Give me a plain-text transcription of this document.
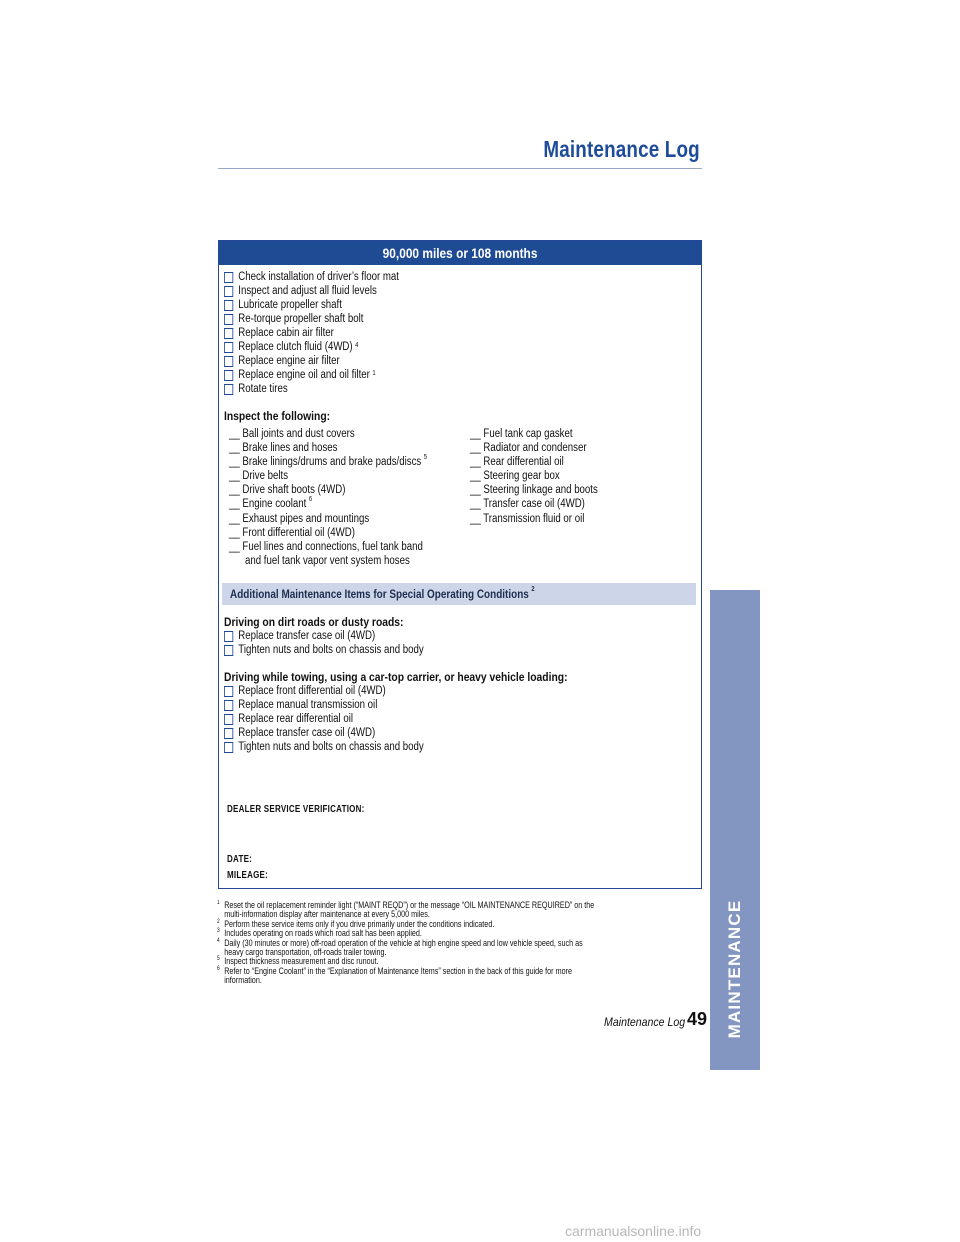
Maintenance Log
90,000 miles or 108 months
Check installation of driver’s floor mat
Inspect and adjust all fluid levels
Lubricate propeller shaft
Re-torque propeller shaft bolt
Replace cabin air filter
Replace clutch fluid (4WD) $^4$
Replace engine air filter
Replace engine oil and oil filter $^1$
Rotate tires
Inspect the following:
__ Ball joints and dust covers
__ Brake lines and hoses
__ Brake linings/drums and brake pads/discs $^5$
__ Drive belts
__ Drive shaft boots (4WD)
__ Engine coolant $^6$
__ Exhaust pipes and mountings
__ Front differential oil (4WD)
__ Fuel lines and connections, fuel tank band
and fuel tank vapor vent system hoses
__ Fuel tank cap gasket
__ Radiator and condenser
__ Rear differential oil
__ Steering gear box
__ Steering linkage and boots
__ Transfer case oil (4WD)
__ Transmission fluid or oil
Additional Maintenance Items for Special Operating Conditions $^2$
Driving on dirt roads or dusty roads:
Replace transfer case oil (4WD)
Tighten nuts and bolts on chassis and body
Driving while towing, using a car-top carrier, or heavy vehicle loading:
Replace front differential oil (4WD)
Replace manual transmission oil
Replace rear differential oil
Replace transfer case oil (4WD)
Tighten nuts and bolts on chassis and body
DEALER SERVICE VERIFICATION:
DATE:
MILEAGE:
1 Reset the oil replacement reminder light (“MAINT REQD”) or the message “OIL MAINTENANCE REQUIRED” on the
multi-information display after maintenance at every 5,000 miles.
2 Perform these service items only if you drive primarily under the conditions indicated.
3 Includes operating on roads which road salt has been applied.
4 Daily (30 minutes or more) off-road operation of the vehicle at high engine speed and low vehicle speed, such as
heavy cargo transportation, off-roads trailer towing.
5 Inspect thickness measurement and disc runout.
6 Refer to “Engine Coolant” in the “Explanation of Maintenance Items” section in the back of this guide for more
information.
Maintenance Log 49 MAINTENANCE
carmanualsonline.info
